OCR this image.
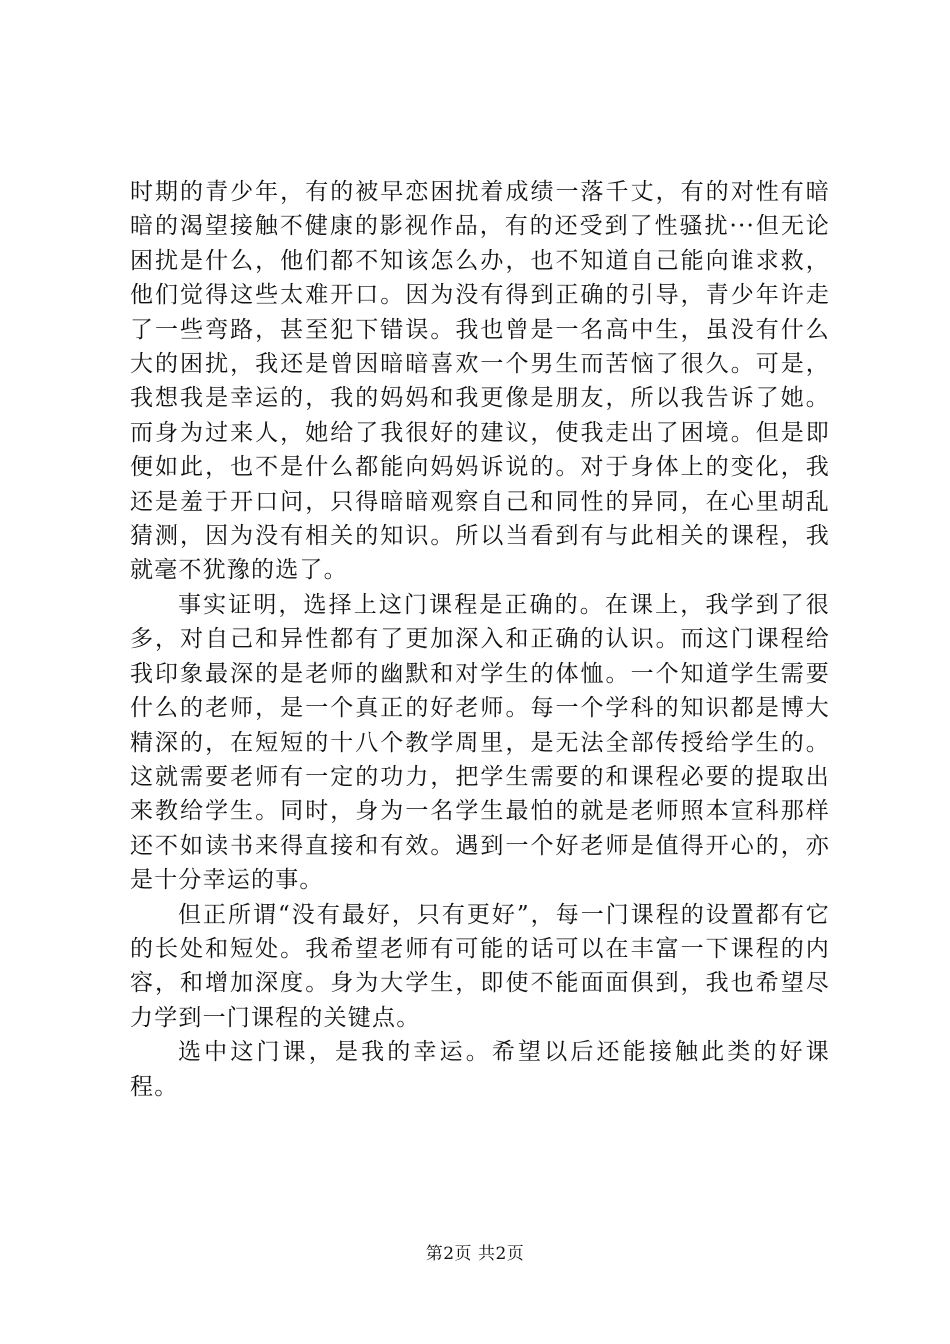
时期的青少年，有的被早恋困扰着成绩一落千丈，有的对性有暗暗的渴望接触不健康的影视作品，有的还受到了性骚扰···但无论困扰是什么，他们都不知该怎么办，也不知道自己能向谁求救，他们觉得这些太难开口。因为没有得到正确的引导，青少年许走了一些弯路，甚至犯下错误。我也曾是一名高中生，虽没有什么大的困扰，我还是曾因暗暗喜欢一个男生而苦恼了很久。可是，我想我是幸运的，我的妈妈和我更像是朋友，所以我告诉了她。而身为过来人，她给了我很好的建议，使我走出了困境。但是即便如此，也不是什么都能向妈妈诉说的。对于身体上的变化，我还是羞于开口问，只得暗暗观察自己和同性的异同，在心里胡乱猜测，因为没有相关的知识。所以当看到有与此相关的课程，我就毫不犹豫的选了。

事实证明，选择上这门课程是正确的。在课上，我学到了很多，对自己和异性都有了更加深入和正确的认识。而这门课程给我印象最深的是老师的幽默和对学生的体恤。一个知道学生需要什么的老师，是一个真正的好老师。每一个学科的知识都是博大精深的，在短短的十八个教学周里，是无法全部传授给学生的。这就需要老师有一定的功力，把学生需要的和课程必要的提取出来教给学生。同时，身为一名学生最怕的就是老师照本宣科那样还不如读书来得直接和有效。遇到一个好老师是值得开心的，亦是十分幸运的事。

但正所谓“没有最好，只有更好”，每一门课程的设置都有它的长处和短处。我希望老师有可能的话可以在丰富一下课程的内容，和增加深度。身为大学生，即使不能面面俱到，我也希望尽力学到一门课程的关键点。

选中这门课，是我的幸运。希望以后还能接触此类的好课程。

第2页 共2页
